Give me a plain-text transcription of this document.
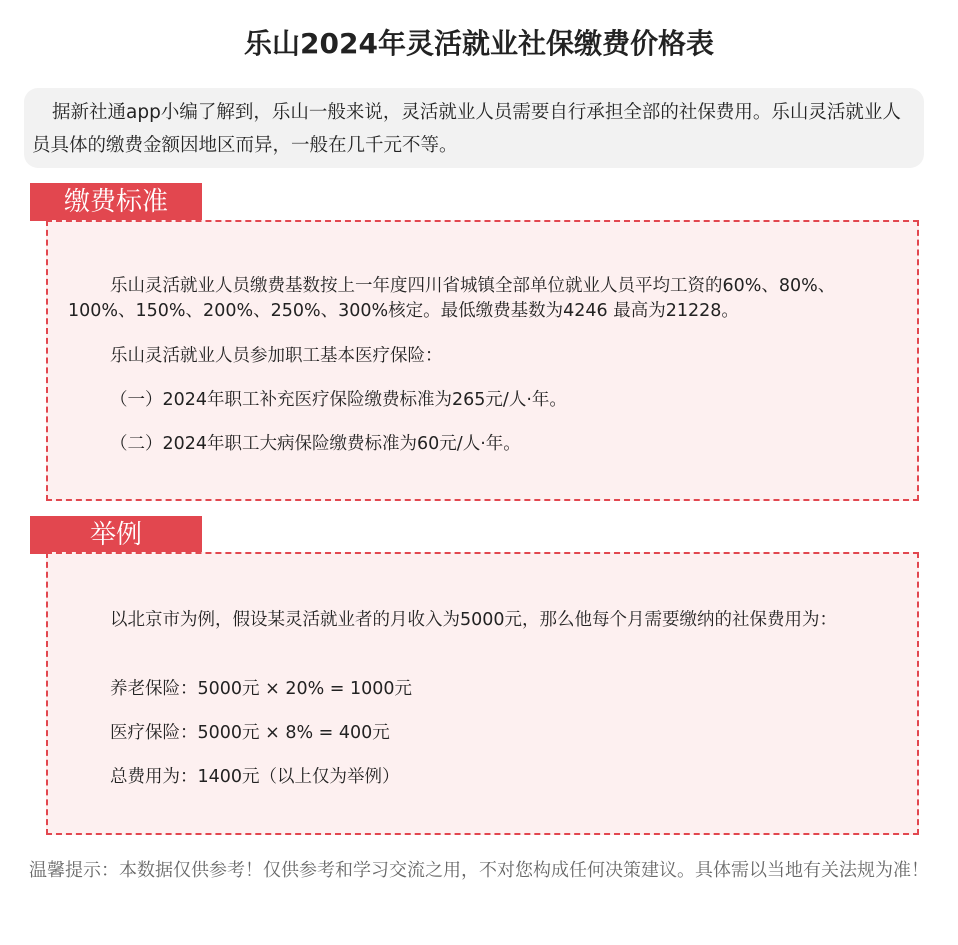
乐山2024年灵活就业社保缴费价格表
据新社通app小编了解到，乐山一般来说，灵活就业人员需要自行承担全部的社保费用。乐山灵活就业人员具体的缴费金额因地区而异，一般在几千元不等。
缴费标准
乐山灵活就业人员缴费基数按上一年度四川省城镇全部单位就业人员平均工资的60%、80%、100%、150%、200%、250%、300%核定。最低缴费基数为4246 最高为21228。
乐山灵活就业人员参加职工基本医疗保险：
（一）2024年职工补充医疗保险缴费标准为265元/人·年。
（二）2024年职工大病保险缴费标准为60元/人·年。
举例
以北京市为例，假设某灵活就业者的月收入为5000元，那么他每个月需要缴纳的社保费用为：
养老保险：5000元 × 20% = 1000元
医疗保险：5000元 × 8% = 400元
总费用为：1400元（以上仅为举例）
温馨提示：本数据仅供参考！仅供参考和学习交流之用，不对您构成任何决策建议。具体需以当地有关法规为准！
